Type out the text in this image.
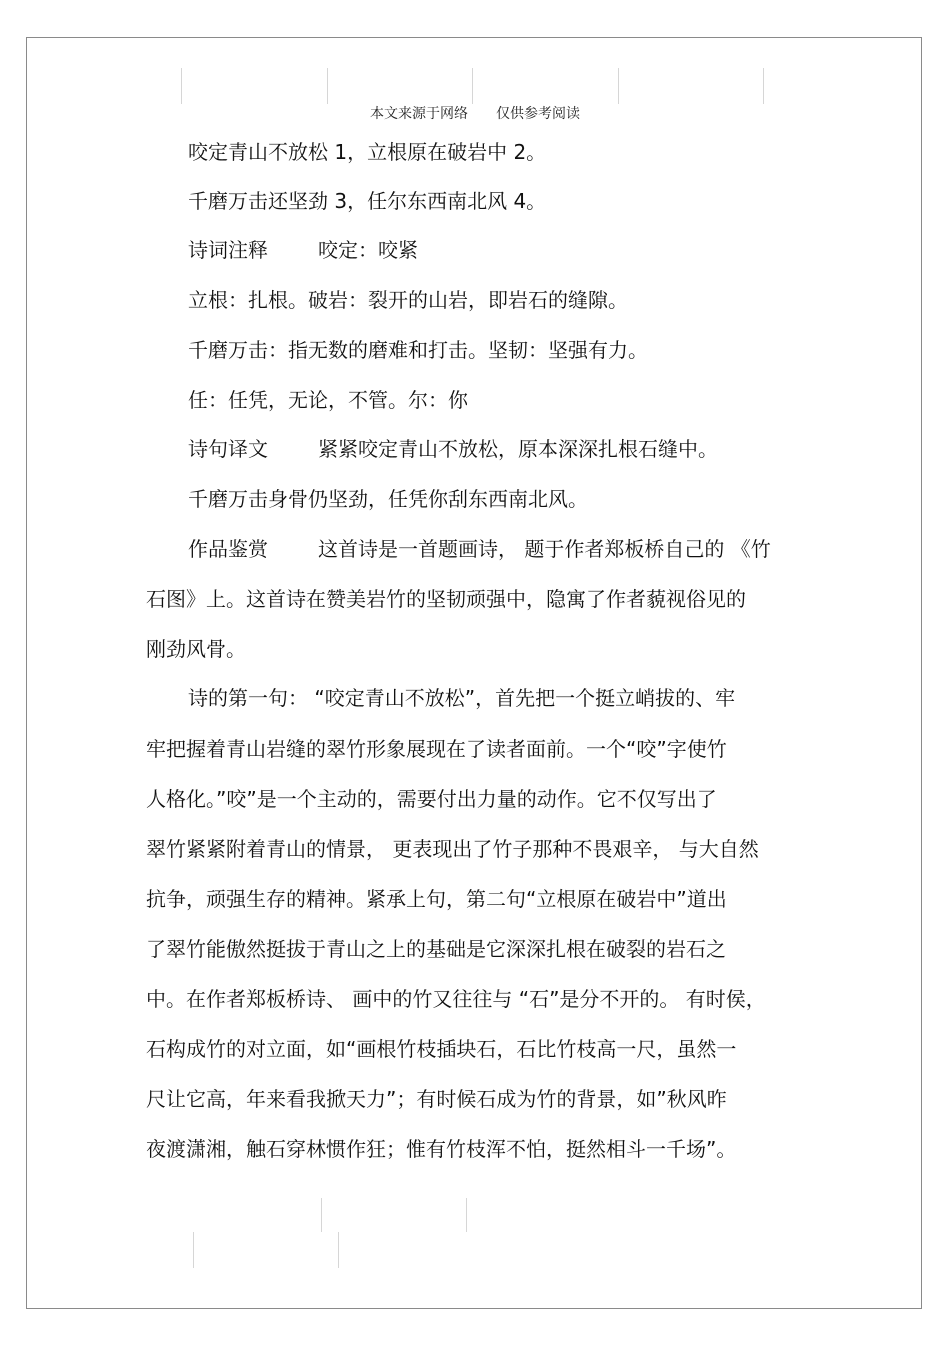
本文来源于网络 仅供参考阅读
咬定青山不放松 1，立根原在破岩中 2。
千磨万击还坚劲 3，任尔东西南北风 4。
诗词注释	咬定：咬紧
立根：扎根。破岩：裂开的山岩，即岩石的缝隙。
千磨万击：指无数的磨难和打击。坚韧：坚强有力。
任：任凭，无论，不管。尔：你
诗句译文	紧紧咬定青山不放松，原本深深扎根石缝中。
千磨万击身骨仍坚劲，任凭你刮东西南北风。
作品鉴赏	这首诗是一首题画诗， 题于作者郑板桥自己的 《竹
石图》上。这首诗在赞美岩竹的坚韧顽强中，隐寓了作者藐视俗见的
刚劲风骨。
诗的第一句： “咬定青山不放松”，首先把一个挺立峭拔的、牢
牢把握着青山岩缝的翠竹形象展现在了读者面前。一个“咬”字使竹
人格化。”咬”是一个主动的，需要付出力量的动作。它不仅写出了
翠竹紧紧附着青山的情景， 更表现出了竹子那种不畏艰辛， 与大自然
抗争，顽强生存的精神。紧承上句，第二句“立根原在破岩中”道出
了翠竹能傲然挺拔于青山之上的基础是它深深扎根在破裂的岩石之
中。在作者郑板桥诗、 画中的竹又往往与 “石”是分不开的。 有时侯，
石构成竹的对立面，如“画根竹枝插块石，石比竹枝高一尺，虽然一
尺让它高，年来看我掀天力”；有时候石成为竹的背景，如”秋风昨
夜渡潇湘，触石穿林惯作狂；惟有竹枝浑不怕，挺然相斗一千场”。
